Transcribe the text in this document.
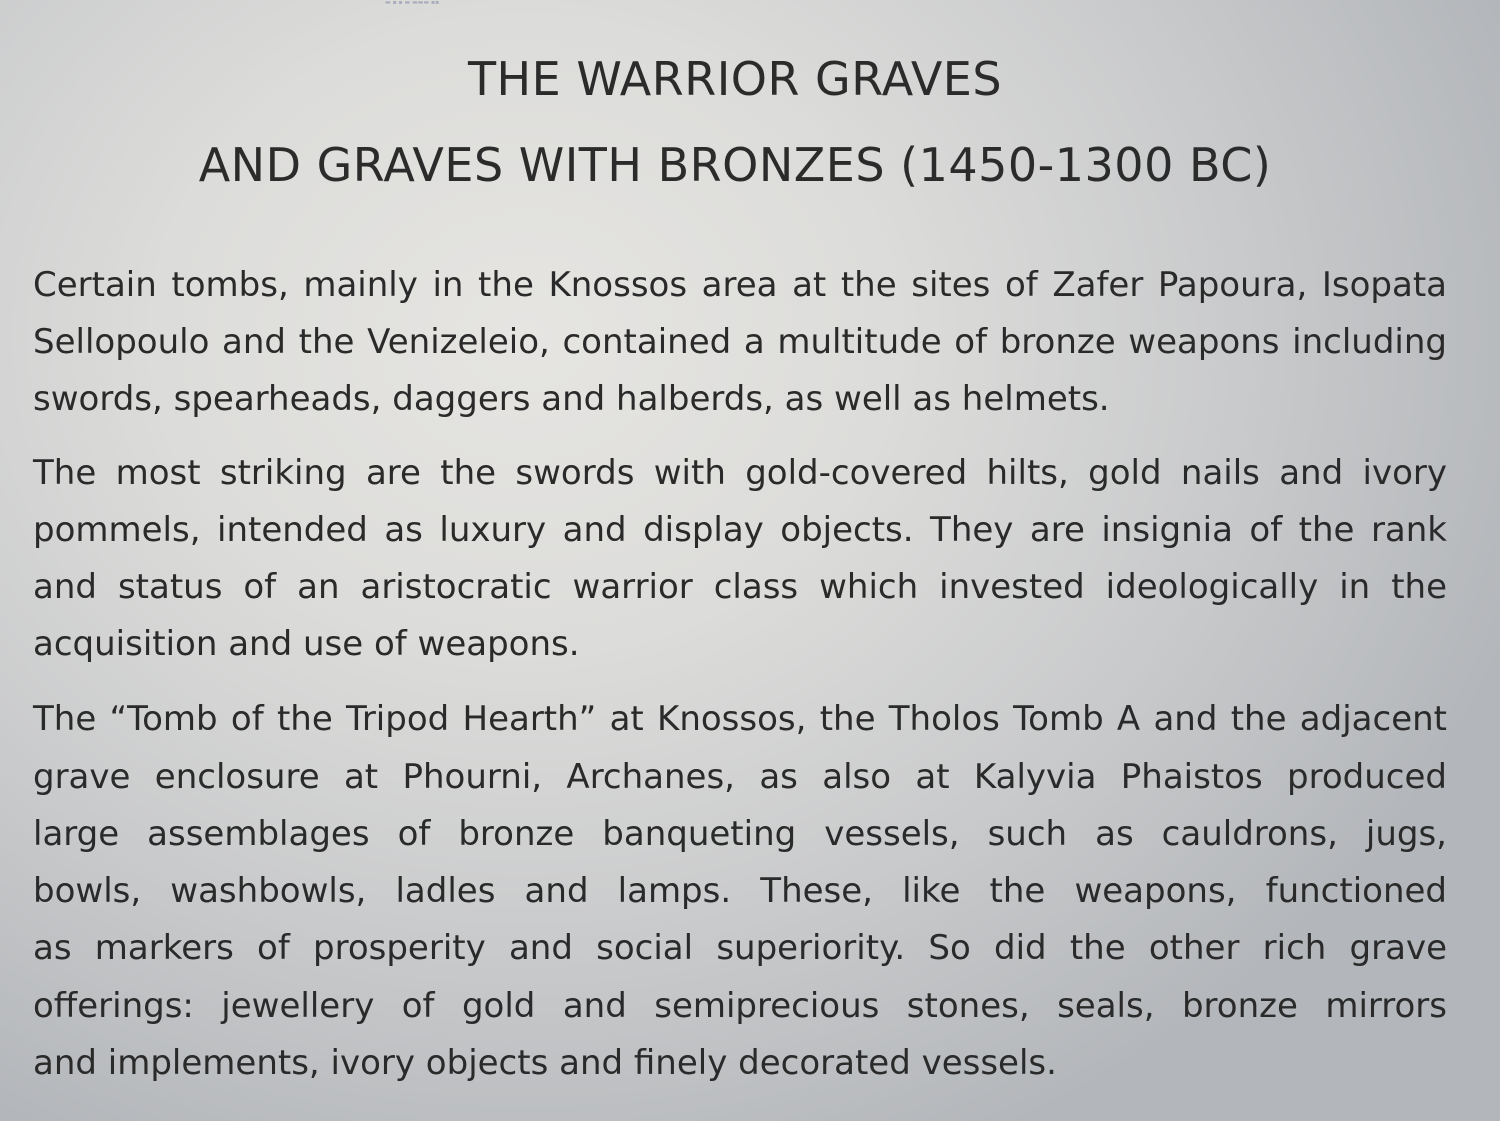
▬ ▪ ▪ ▬ ▬▬▬ ▪▪
THE WARRIOR GRAVES
AND GRAVES WITH BRONZES (1450-1300 BC)

Certain tombs, mainly in the Knossos area at the sites of Zafer Papoura, Isopata

Sellopoulo and the Venizeleio, contained a multitude of bronze weapons including

swords, spearheads, daggers and halberds, as well as helmets.

The most striking are the swords with gold-covered hilts, gold nails and ivory

pommels, intended as luxury and display objects. They are insignia of the rank

and status of an aristocratic warrior class which invested ideologically in the

acquisition and use of weapons.

The “Tomb of the Tripod Hearth” at Knossos, the Tholos Tomb A and the adjacent

grave enclosure at Phourni, Archanes, as also at Kalyvia Phaistos produced

large assemblages of bronze banqueting vessels, such as cauldrons, jugs,

bowls, washbowls, ladles and lamps. These, like the weapons, functioned

as markers of prosperity and social superiority. So did the other rich grave

offerings: jewellery of gold and semiprecious stones, seals, bronze mirrors

and implements, ivory objects and finely decorated vessels.
